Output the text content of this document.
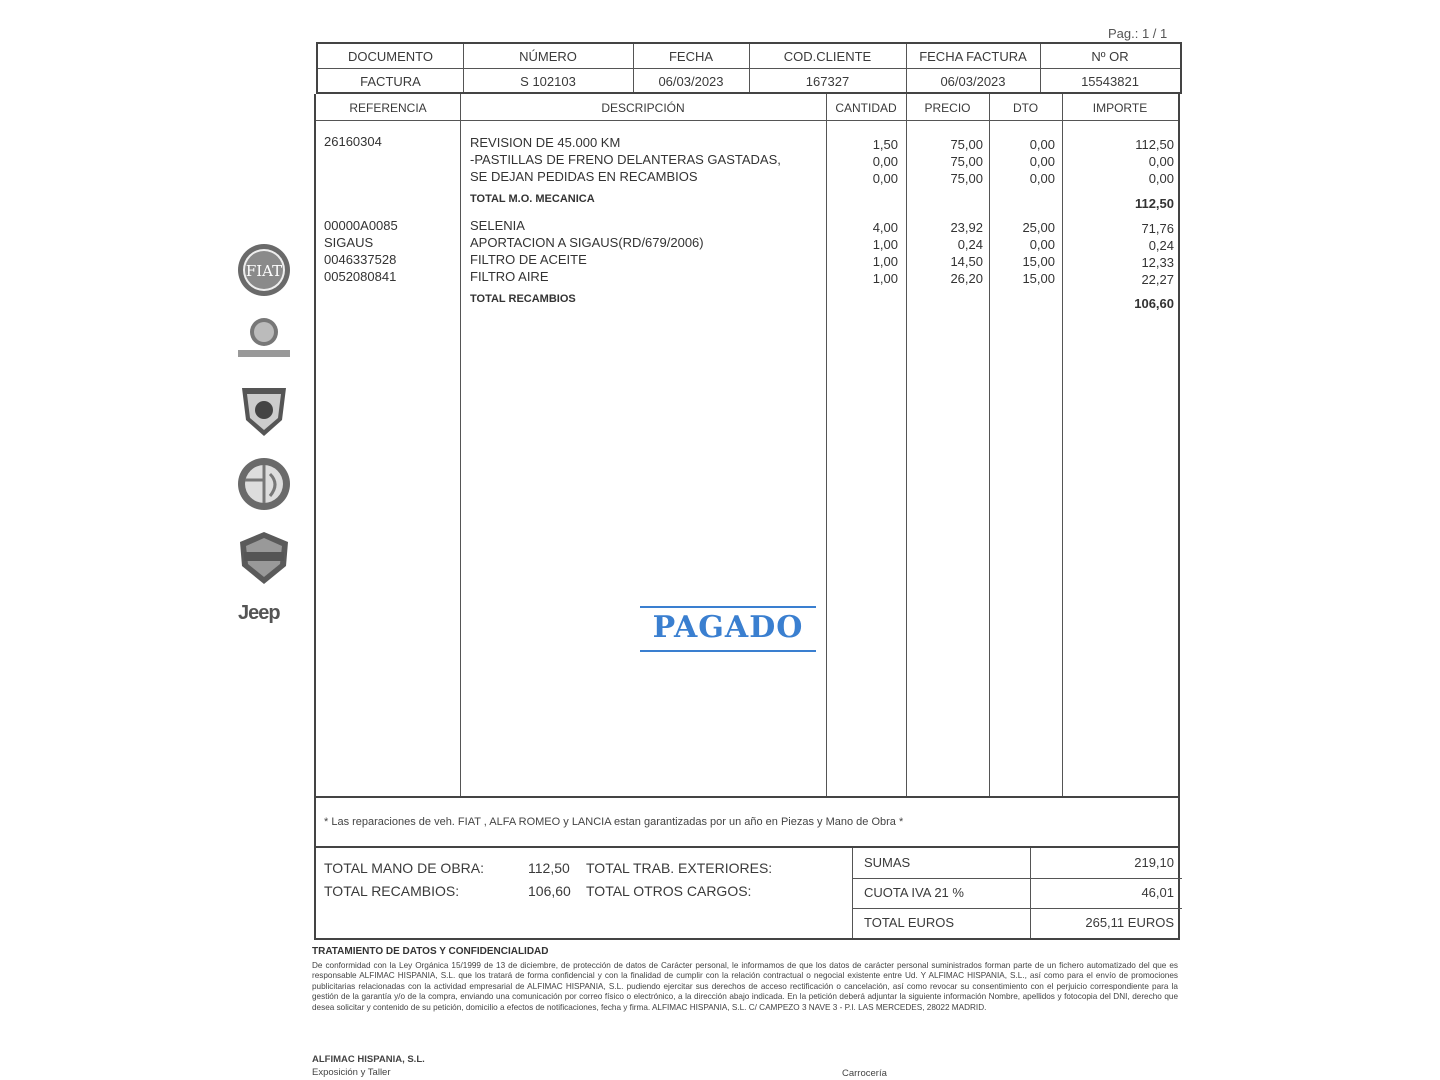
Pag.: 1 / 1
FIAT
Jeep
DOCUMENTO	NÚMERO	FECHA	COD.CLIENTE	FECHA FACTURA	Nº OR
FACTURA	S 102103	06/03/2023	167327	06/03/2023	15543821
REFERENCIA	DESCRIPCIÓN	CANTIDAD	PRECIO	DTO	IMPORTE
26160304	REVISION DE 45.000 KM	1,50	75,00	0,00	112,50
-PASTILLAS DE FRENO DELANTERAS GASTADAS,	0,00	75,00	0,00	0,00
SE DEJAN PEDIDAS EN RECAMBIOS	0,00	75,00	0,00	0,00
TOTAL M.O. MECANICA	112,50
00000A0085	SELENIA	4,00	23,92	25,00	71,76
SIGAUS	APORTACION A SIGAUS(RD/679/2006)	1,00	0,24	0,00	0,24
0046337528	FILTRO DE ACEITE	1,00	14,50	15,00	12,33
0052080841	FILTRO AIRE	1,00	26,20	15,00	22,27
TOTAL RECAMBIOS	106,60
PAGADO
* Las reparaciones de veh. FIAT , ALFA ROMEO y LANCIA estan garantizadas por un año en Piezas y Mano de Obra *
TOTAL MANO DE OBRA:	112,50 TOTAL TRAB. EXTERIORES:
TOTAL RECAMBIOS:	106,60 TOTAL OTROS CARGOS:
SUMAS	219,10
CUOTA IVA 21 %	46,01
TOTAL EUROS	265,11 EUROS
TRATAMIENTO DE DATOS Y CONFIDENCIALIDAD
De conformidad con la Ley Orgánica 15/1999 de 13 de diciembre, de protección de datos de Carácter personal, le informamos de que los datos de carácter personal suministrados forman parte de un fichero automatizado del que es responsable ALFIMAC HISPANIA, S.L. que los tratará de forma confidencial y con la finalidad de cumplir con la relación contractual o negocial existente entre Ud. Y ALFIMAC HISPANIA, S.L., así como para el envío de promociones publicitarias relacionadas con la actividad empresarial de ALFIMAC HISPANIA, S.L. pudiendo ejercitar sus derechos de acceso rectificación o cancelación, así como revocar su consentimiento con el perjuicio correspondiente para la gestión de la garantía y/o de la compra, enviando una comunicación por correo físico o electrónico, a la dirección abajo indicada. En la petición deberá adjuntar la siguiente información Nombre, apellidos y fotocopia del DNI, derecho que desea solicitar y contenido de su petición, domicilio a efectos de notificaciones, fecha y firma. ALFIMAC HISPANIA, S.L. C/ CAMPEZO 3 NAVE 3 - P.I. LAS MERCEDES, 28022 MADRID.
ALFIMAC HISPANIA, S.L.
Exposición y Taller	Carrocería
